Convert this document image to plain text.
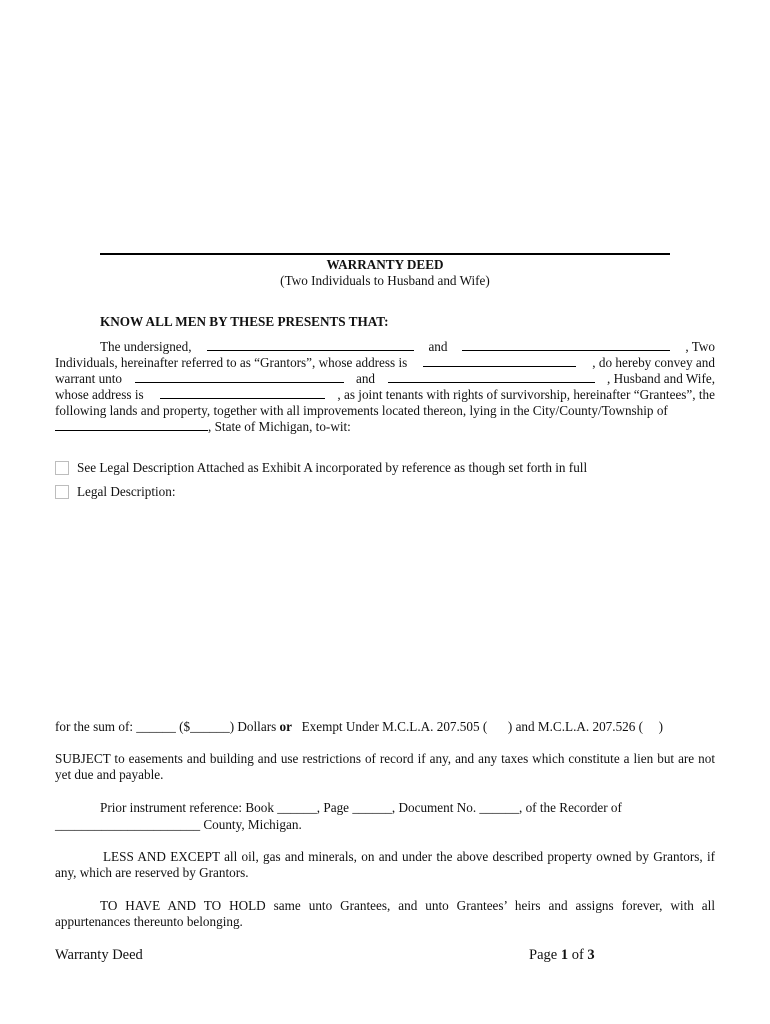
WARRANTY DEED
(Two Individuals to Husband and Wife)
KNOW ALL MEN BY THESE PRESENTS THAT:
The undersigned,	and	, Two
Individuals, hereinafter referred to as “Grantors”, whose address is	, do hereby convey and
warrant unto	and	, Husband and Wife,
whose address is	, as joint tenants with rights of survivorship, hereinafter “Grantees”, the
following lands and property, together with all improvements located thereon, lying in the City/County/Township of
, State of Michigan, to-wit:
See Legal Description Attached as Exhibit A incorporated by reference as though set forth in full
Legal Description:
for the sum of: ______ ($______) Dollars or Exempt Under M.C.L.A. 207.505 ( ) and M.C.L.A. 207.526 ( )
SUBJECT to easements and building and use restrictions of record if any, and any taxes which constitute a lien but are not yet due and payable.
Prior instrument reference: Book ______, Page ______, Document No. ______, of the Recorder of
______________________ County, Michigan.
LESS AND EXCEPT all oil, gas and minerals, on and under the above described property owned by Grantors, if any, which are reserved by Grantors.
TO HAVE AND TO HOLD same unto Grantees, and unto Grantees’ heirs and assigns forever, with all appurtenances thereunto belonging.
Warranty Deed	Page 1 of 3
